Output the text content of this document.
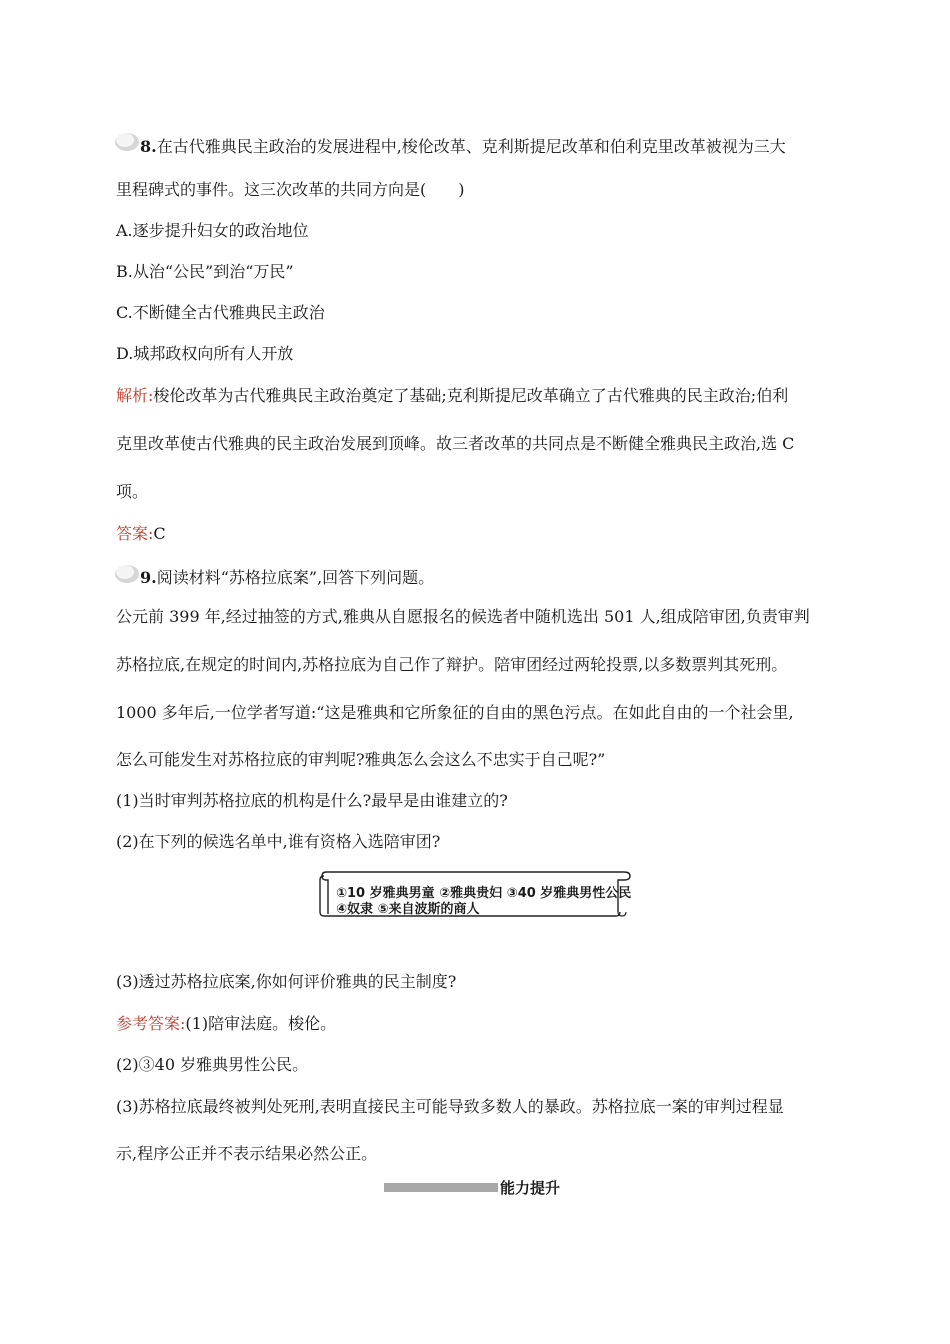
8.在古代雅典民主政治的发展进程中,梭伦改革、克利斯提尼改革和伯利克里改革被视为三大
里程碑式的事件。这三次改革的共同方向是(　　)
A.逐步提升妇女的政治地位
B.从治“公民”到治“万民”
C.不断健全古代雅典民主政治
D.城邦政权向所有人开放
解析:梭伦改革为古代雅典民主政治奠定了基础;克利斯提尼改革确立了古代雅典的民主政治;伯利
克里改革使古代雅典的民主政治发展到顶峰。故三者改革的共同点是不断健全雅典民主政治,选 C
项。
答案:C
9.阅读材料“苏格拉底案”,回答下列问题。
公元前 399 年,经过抽签的方式,雅典从自愿报名的候选者中随机选出 501 人,组成陪审团,负责审判
苏格拉底,在规定的时间内,苏格拉底为自己作了辩护。陪审团经过两轮投票,以多数票判其死刑。
1000 多年后,一位学者写道:“这是雅典和它所象征的自由的黑色污点。在如此自由的一个社会里,
怎么可能发生对苏格拉底的审判呢?雅典怎么会这么不忠实于自己呢?”
(1)当时审判苏格拉底的机构是什么?最早是由谁建立的?
(2)在下列的候选名单中,谁有资格入选陪审团?
①10 岁雅典男童 ②雅典贵妇 ③40 岁雅典男性公民
④奴隶 ⑤来自波斯的商人
(3)透过苏格拉底案,你如何评价雅典的民主制度?
参考答案:(1)陪审法庭。梭伦。
(2)③40 岁雅典男性公民。
(3)苏格拉底最终被判处死刑,表明直接民主可能导致多数人的暴政。苏格拉底一案的审判过程显
示,程序公正并不表示结果必然公正。
能力提升
